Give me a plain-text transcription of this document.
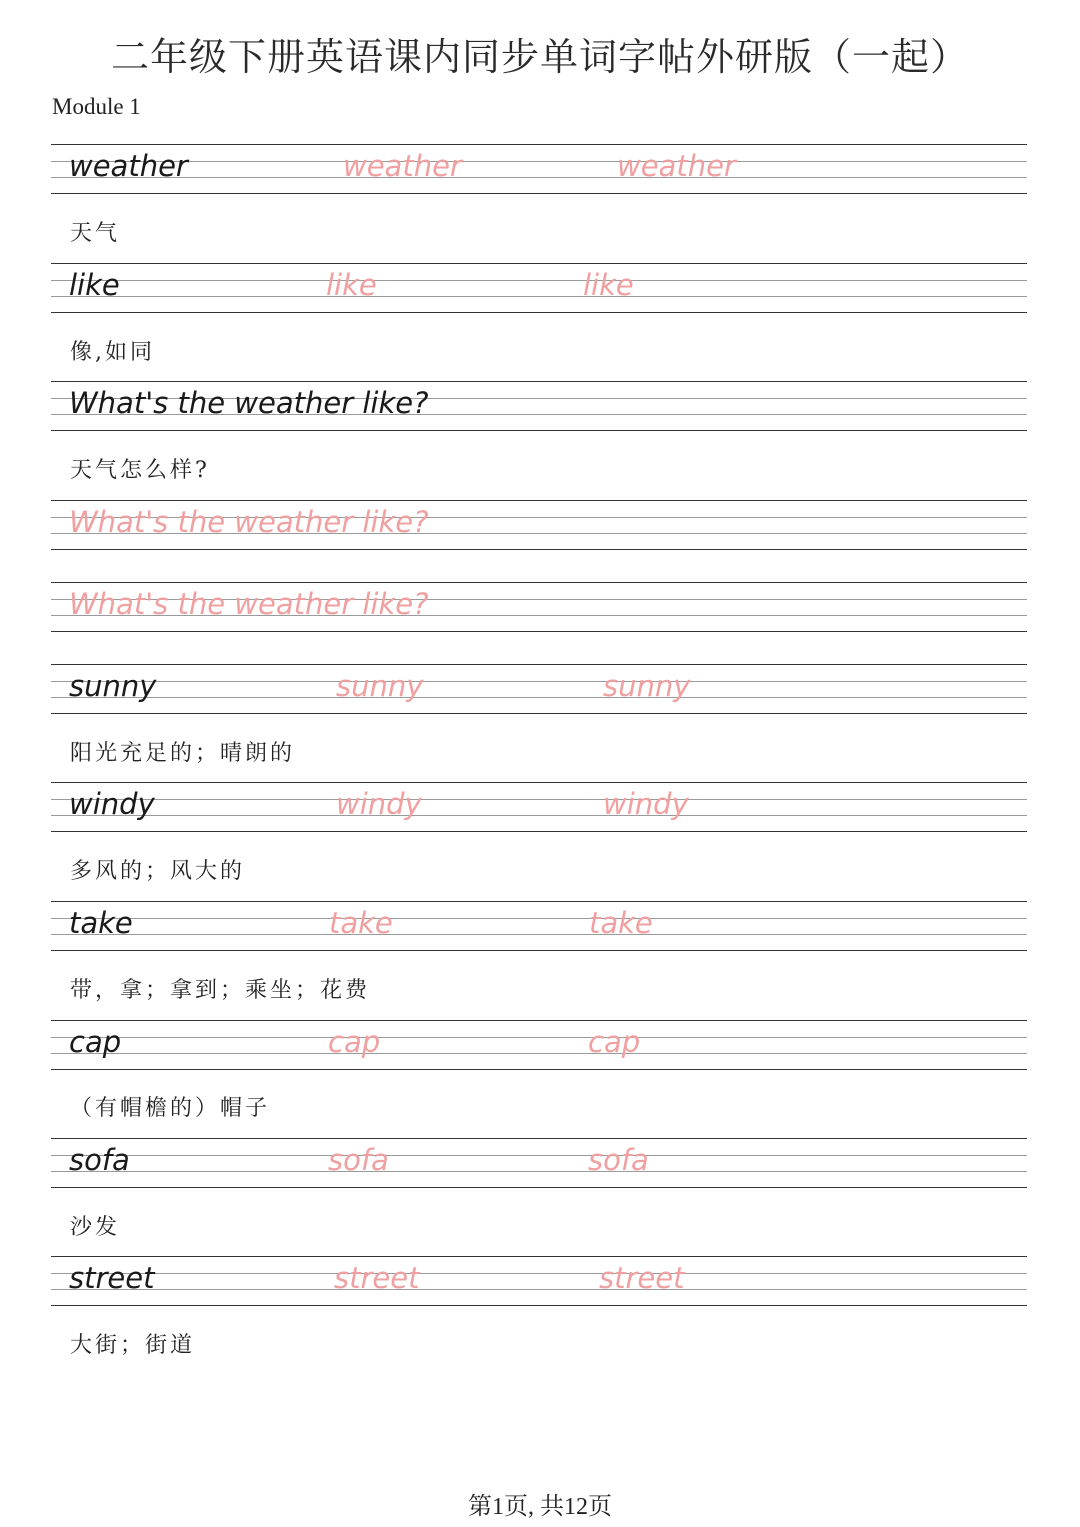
二年级下册英语课内同步单词字帖外研版（一起）
Module 1
weather	weather	weather
天气
like	like	like
像,如同
What's the weather like?
天气怎么样?
What's the weather like?
What's the weather like?
sunny	sunny	sunny
阳光充足的；晴朗的
windy	windy	windy
多风的；风大的
take	take	take
带，拿；拿到；乘坐；花费
cap	cap	cap
（有帽檐的）帽子
sofa	sofa	sofa
沙发
street	street	street
大街；街道
第1页, 共12页
